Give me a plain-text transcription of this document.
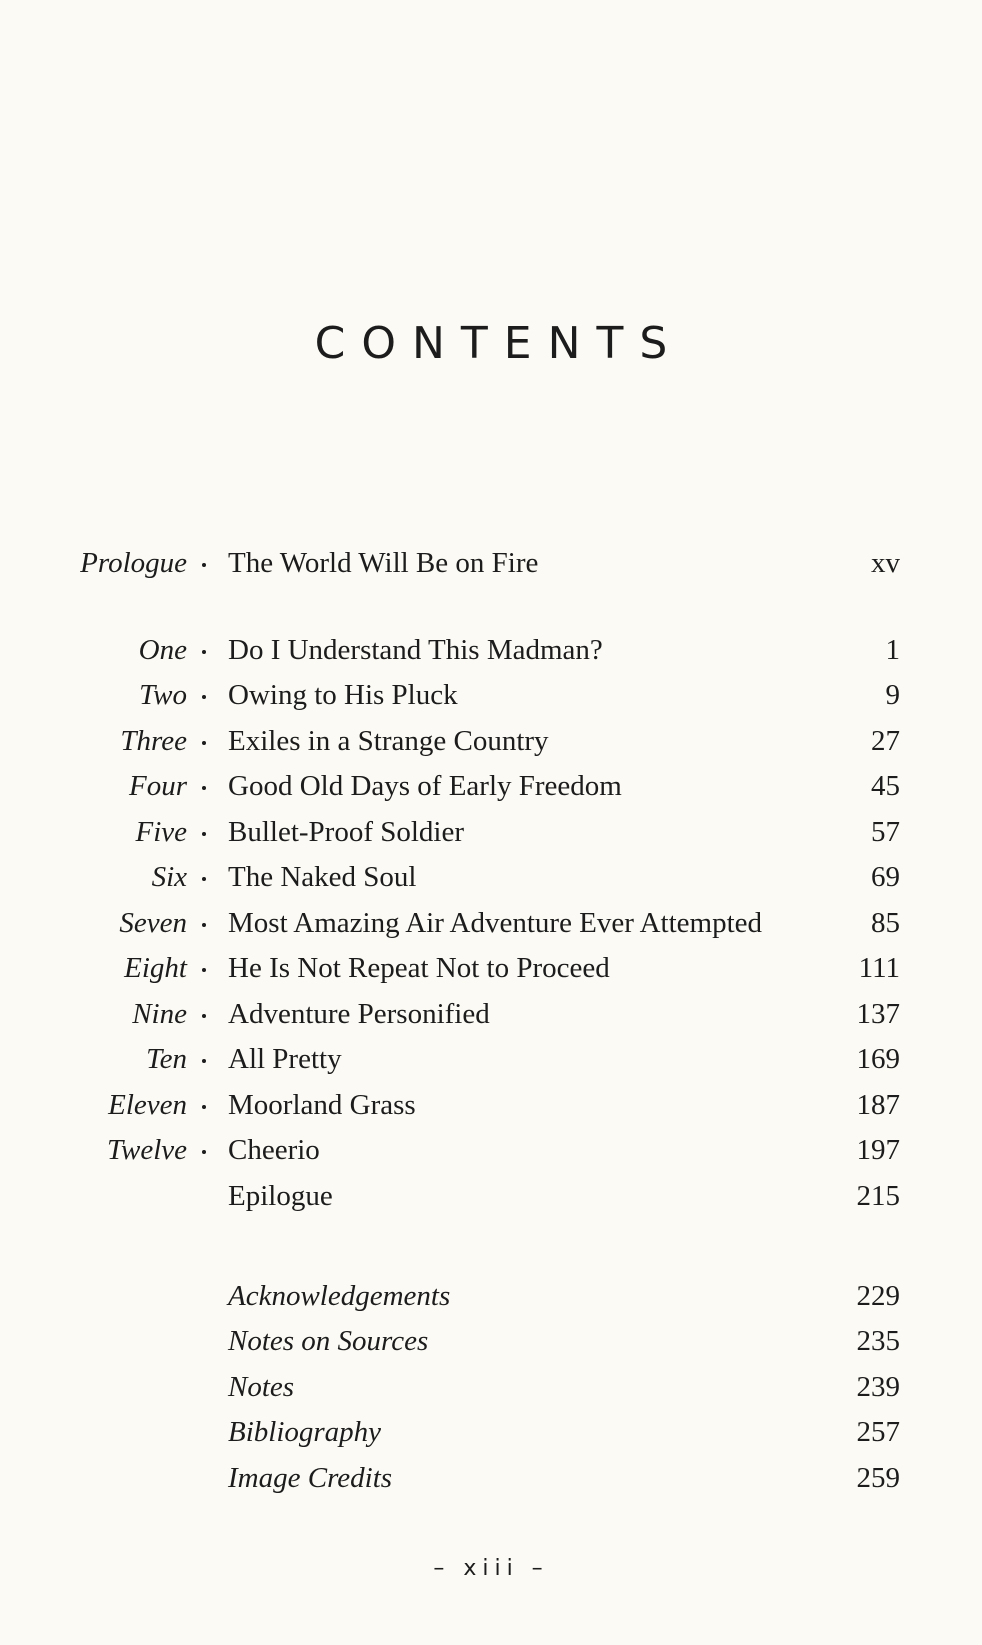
CONTENTS
Prologue The World Will Be on Fire	xv
One Do I Understand This Madman?	1
Two Owing to His Pluck	9
Three Exiles in a Strange Country	27
Four Good Old Days of Early Freedom	45
Five Bullet-Proof Soldier	57
Six The Naked Soul	69
Seven Most Amazing Air Adventure Ever Attempted	85
Eight He Is Not Repeat Not to Proceed	111
Nine Adventure Personified	137
Ten All Pretty	169
Eleven Moorland Grass	187
Twelve Cheerio	197
Epilogue	215
Acknowledgements	229
Notes on Sources	235
Notes	239
Bibliography	257
Image Credits	259
– xiii –
